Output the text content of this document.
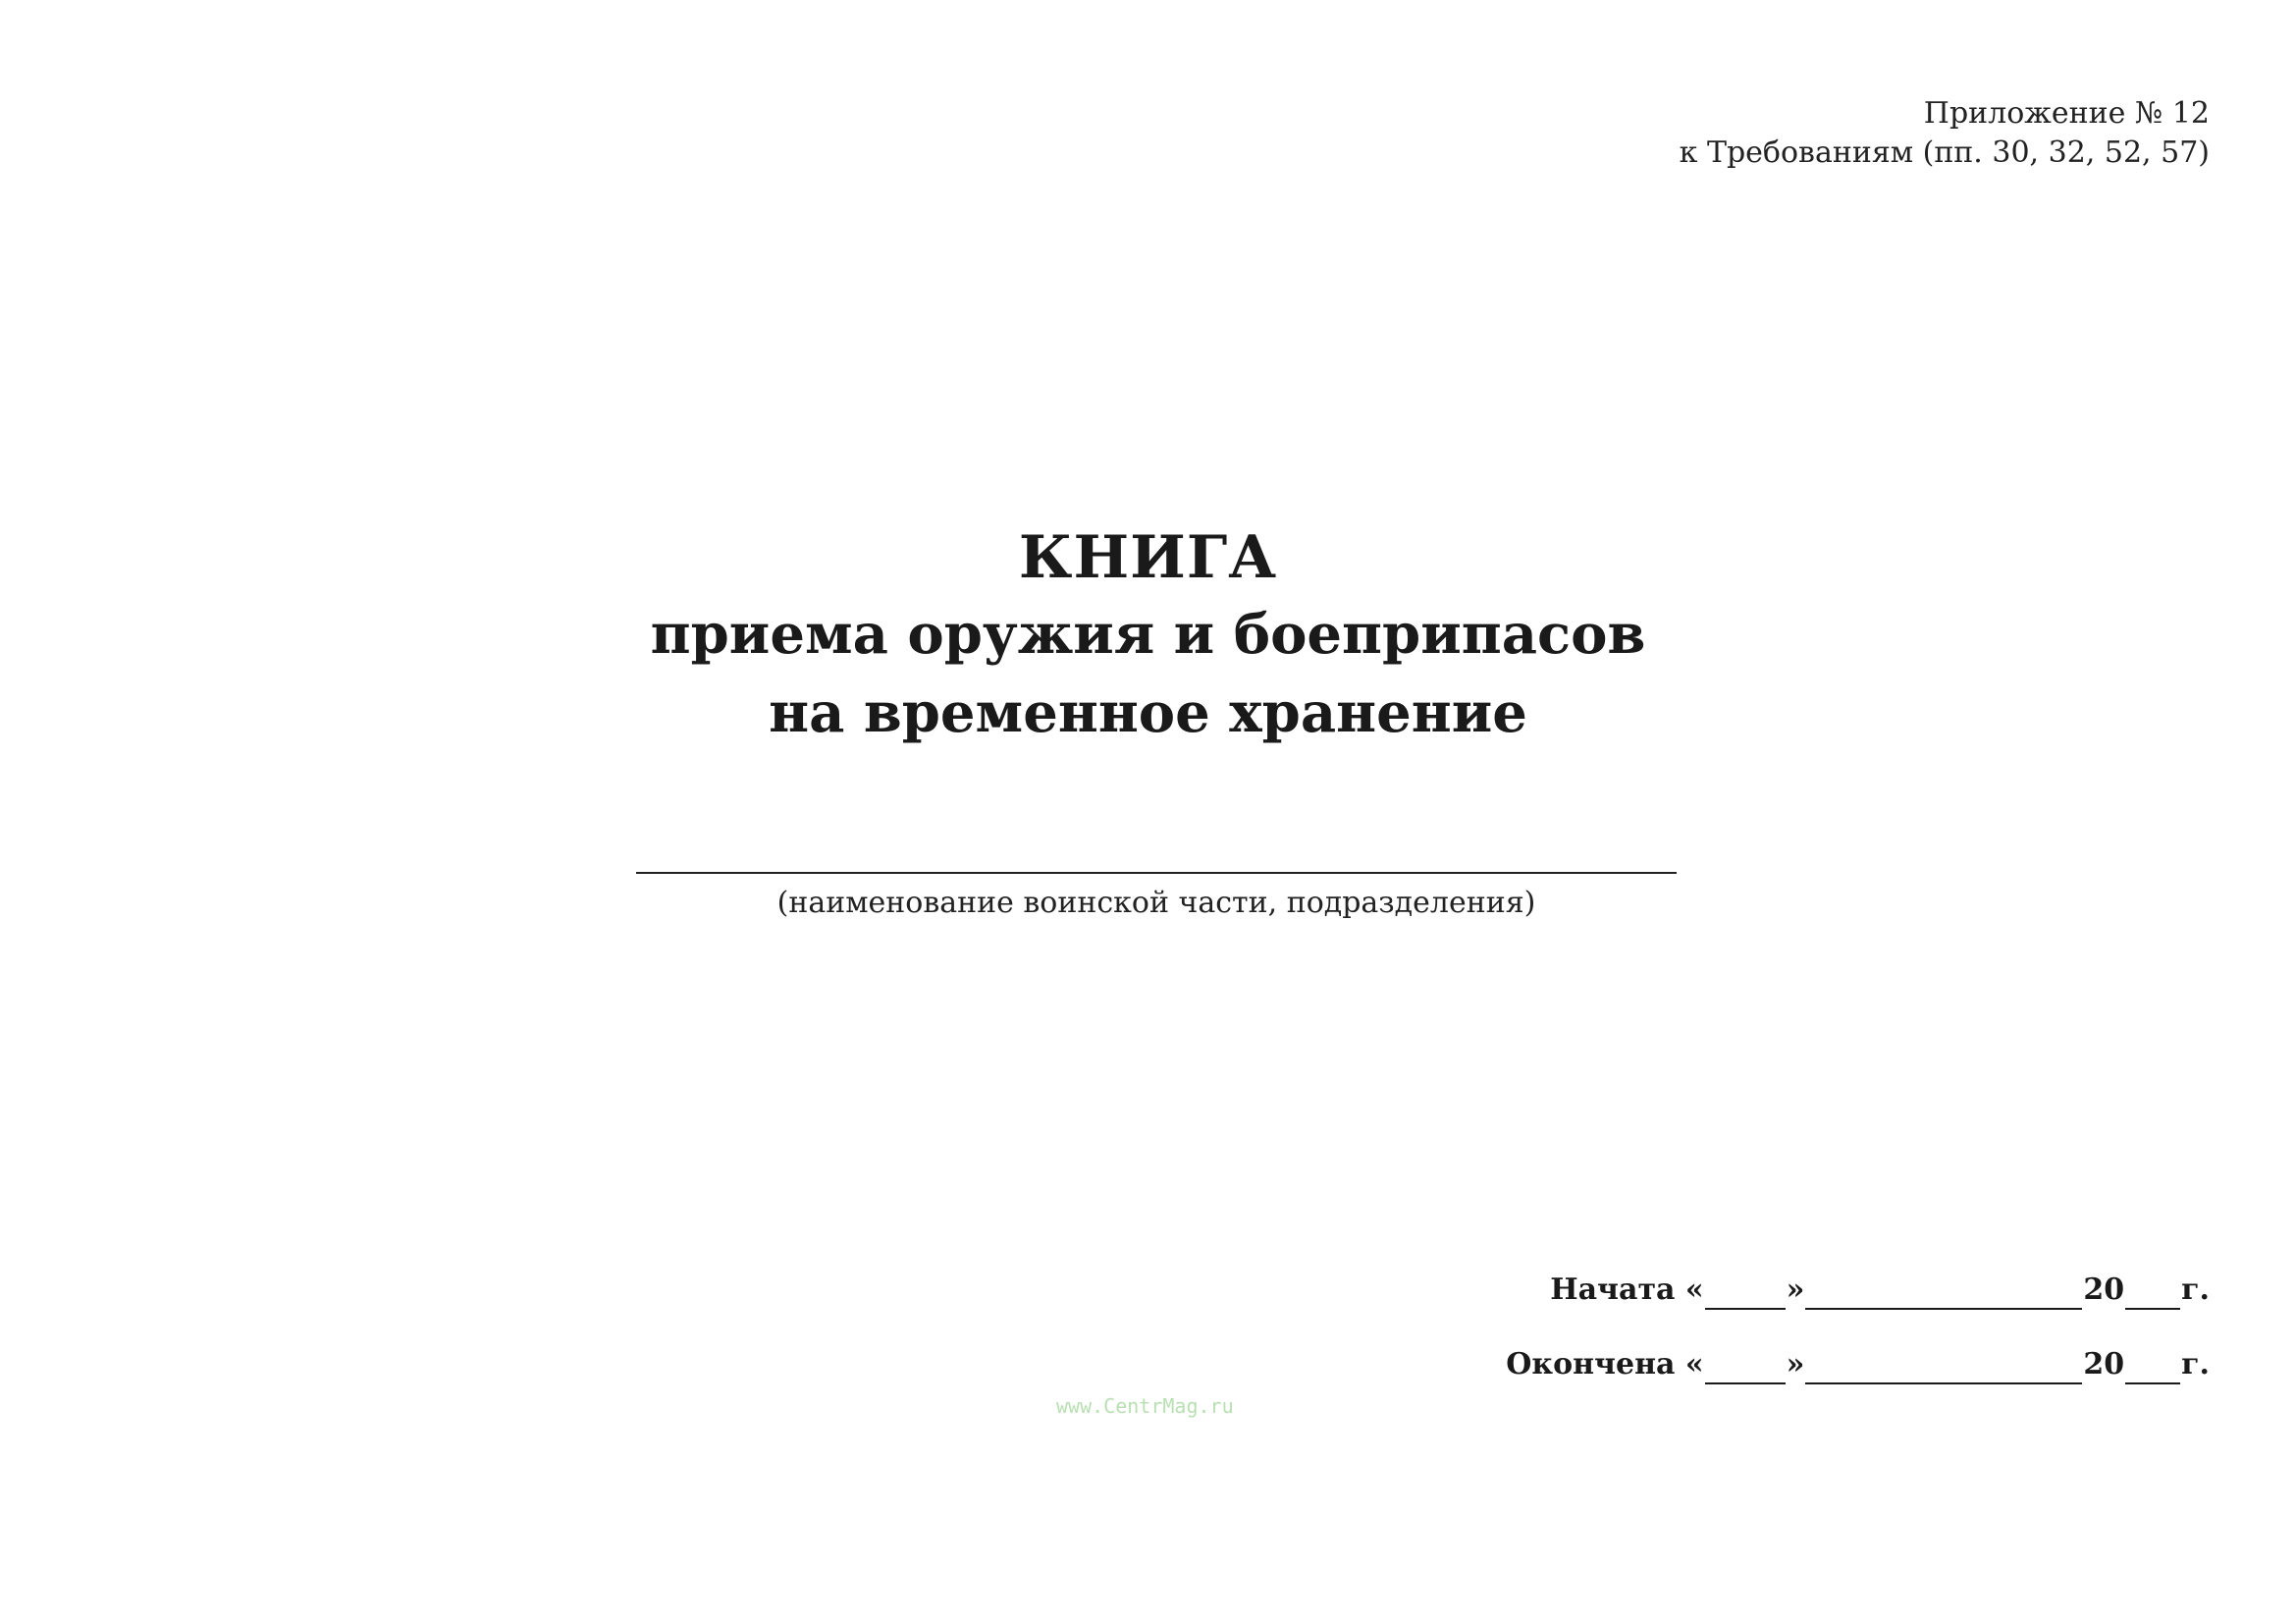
Приложение № 12
к Требованиям (пп. 30, 32, 52, 57)
КНИГА
приема оружия и боеприпасов
на временное хранение
(наименование воинской части, подразделения)
Начата «	»	20 г.
Окончена «	»	20 г.
www.CentrMag.ru
